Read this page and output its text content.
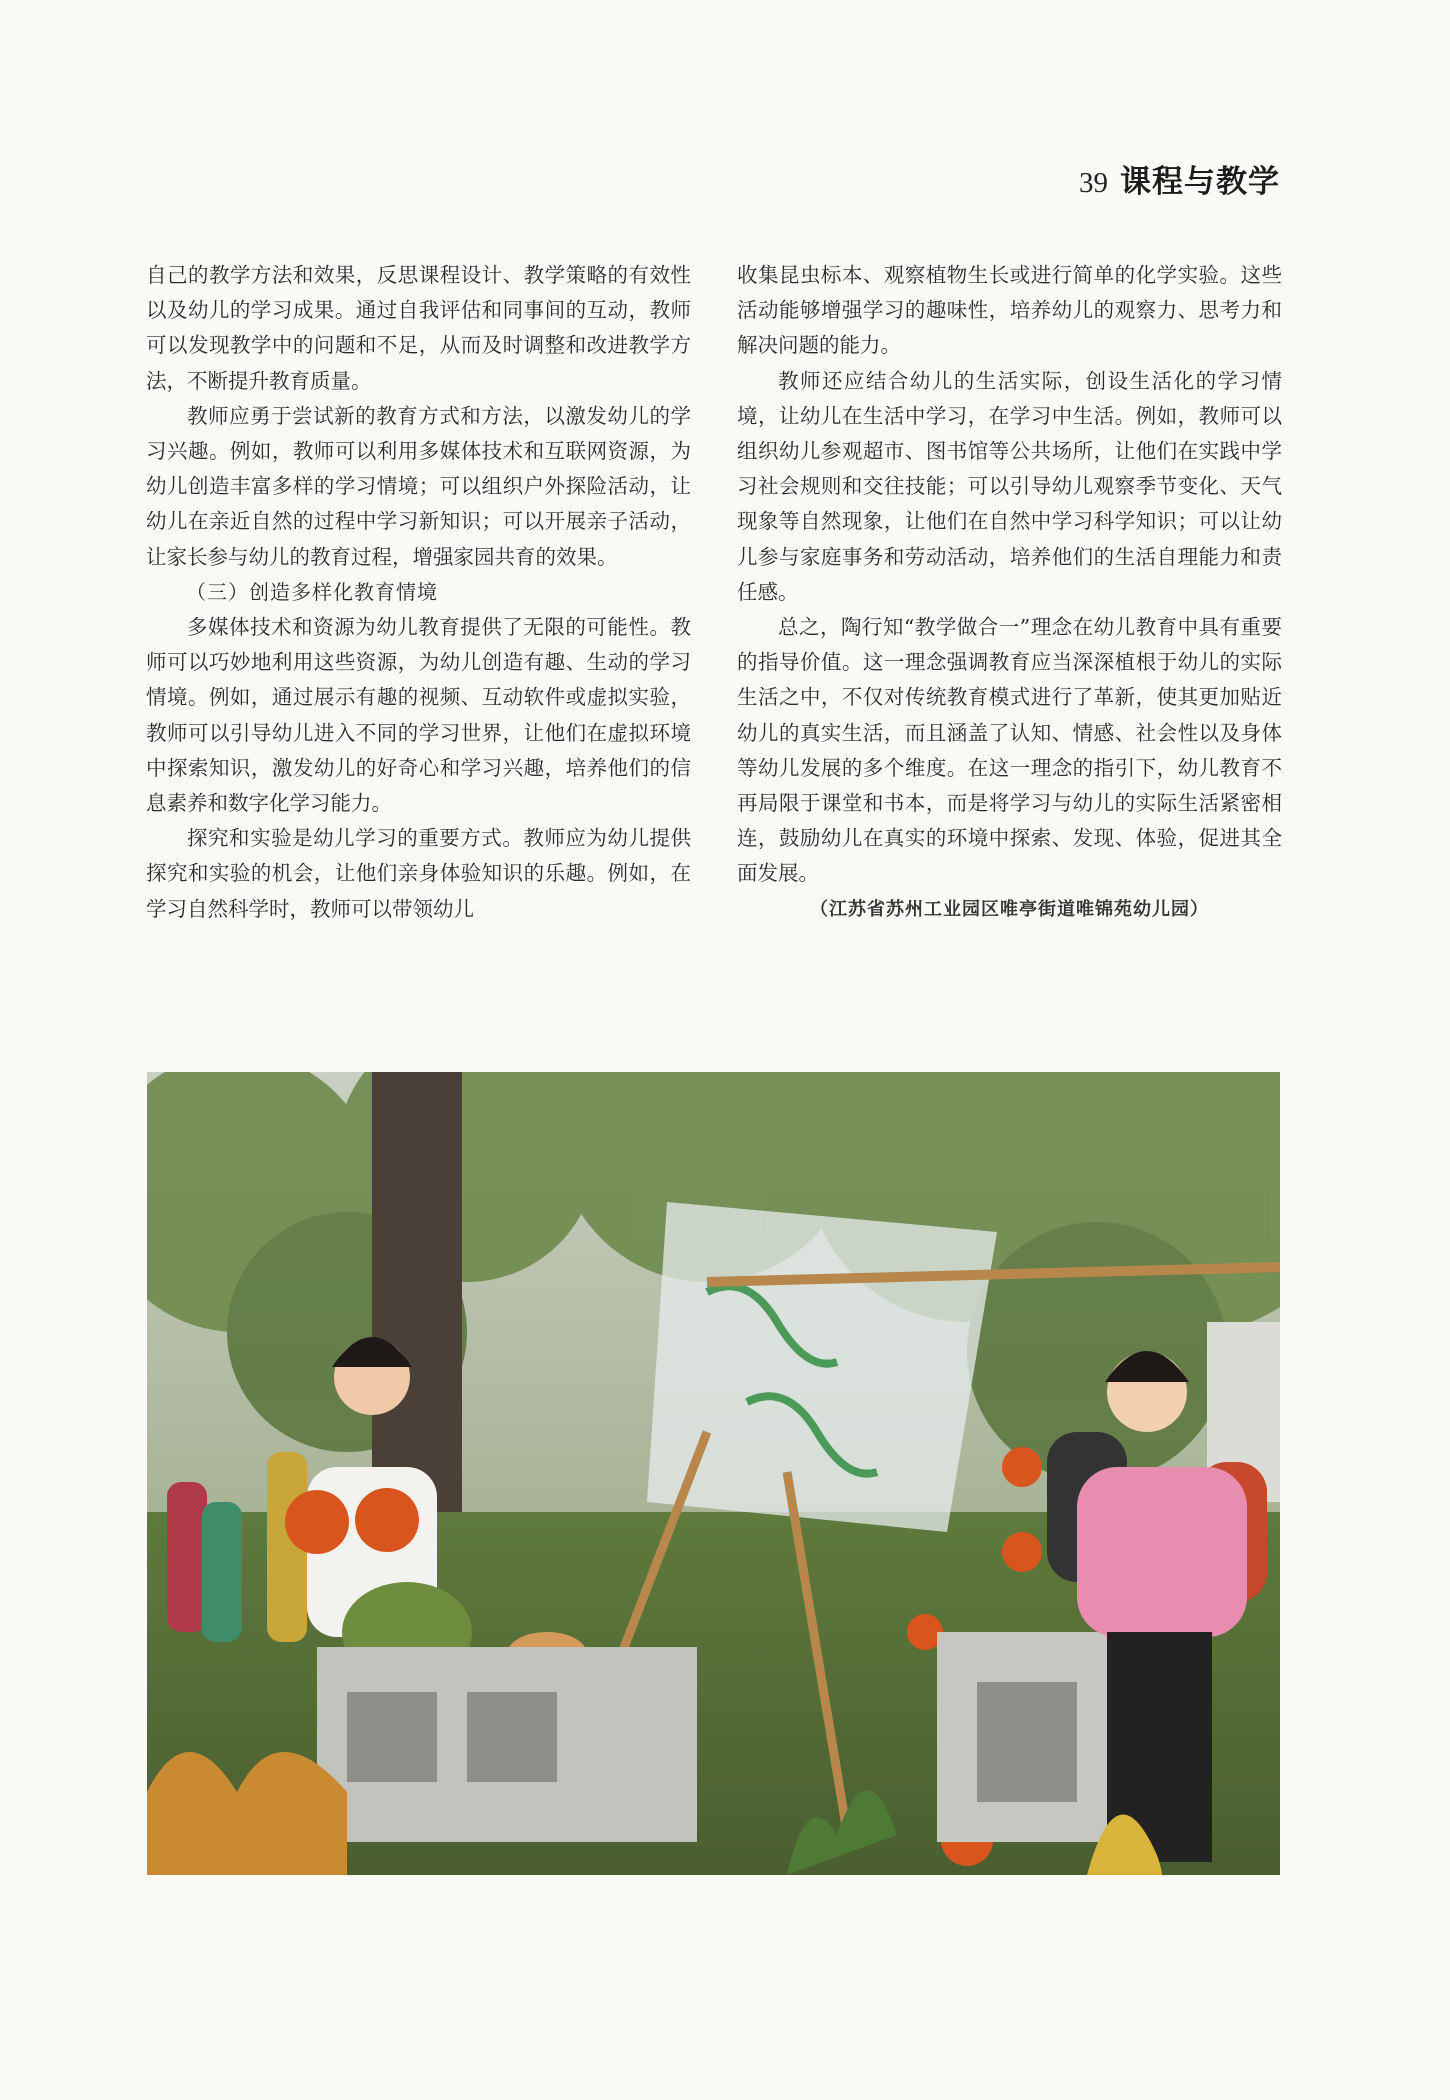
39 课程与教学

自己的教学方法和效果，反思课程设计、教学策略的有效性以及幼儿的学习成果。通过自我评估和同事间的互动，教师可以发现教学中的问题和不足，从而及时调整和改进教学方法，不断提升教育质量。

教师应勇于尝试新的教育方式和方法，以激发幼儿的学习兴趣。例如，教师可以利用多媒体技术和互联网资源，为幼儿创造丰富多样的学习情境；可以组织户外探险活动，让幼儿在亲近自然的过程中学习新知识；可以开展亲子活动，让家长参与幼儿的教育过程，增强家园共育的效果。

（三）创造多样化教育情境

多媒体技术和资源为幼儿教育提供了无限的可能性。教师可以巧妙地利用这些资源，为幼儿创造有趣、生动的学习情境。例如，通过展示有趣的视频、互动软件或虚拟实验，教师可以引导幼儿进入不同的学习世界，让他们在虚拟环境中探索知识，激发幼儿的好奇心和学习兴趣，培养他们的信息素养和数字化学习能力。

探究和实验是幼儿学习的重要方式。教师应为幼儿提供探究和实验的机会，让他们亲身体验知识的乐趣。例如，在学习自然科学时，教师可以带领幼儿

收集昆虫标本、观察植物生长或进行简单的化学实验。这些活动能够增强学习的趣味性，培养幼儿的观察力、思考力和解决问题的能力。

教师还应结合幼儿的生活实际，创设生活化的学习情境，让幼儿在生活中学习，在学习中生活。例如，教师可以组织幼儿参观超市、图书馆等公共场所，让他们在实践中学习社会规则和交往技能；可以引导幼儿观察季节变化、天气现象等自然现象，让他们在自然中学习科学知识；可以让幼儿参与家庭事务和劳动活动，培养他们的生活自理能力和责任感。

总之，陶行知“教学做合一”理念在幼儿教育中具有重要的指导价值。这一理念强调教育应当深深植根于幼儿的实际生活之中，不仅对传统教育模式进行了革新，使其更加贴近幼儿的真实生活，而且涵盖了认知、情感、社会性以及身体等幼儿发展的多个维度。在这一理念的指引下，幼儿教育不再局限于课堂和书本，而是将学习与幼儿的实际生活紧密相连，鼓励幼儿在真实的环境中探索、发现、体验，促进其全面发展。

（江苏省苏州工业园区唯亭街道唯锦苑幼儿园）
